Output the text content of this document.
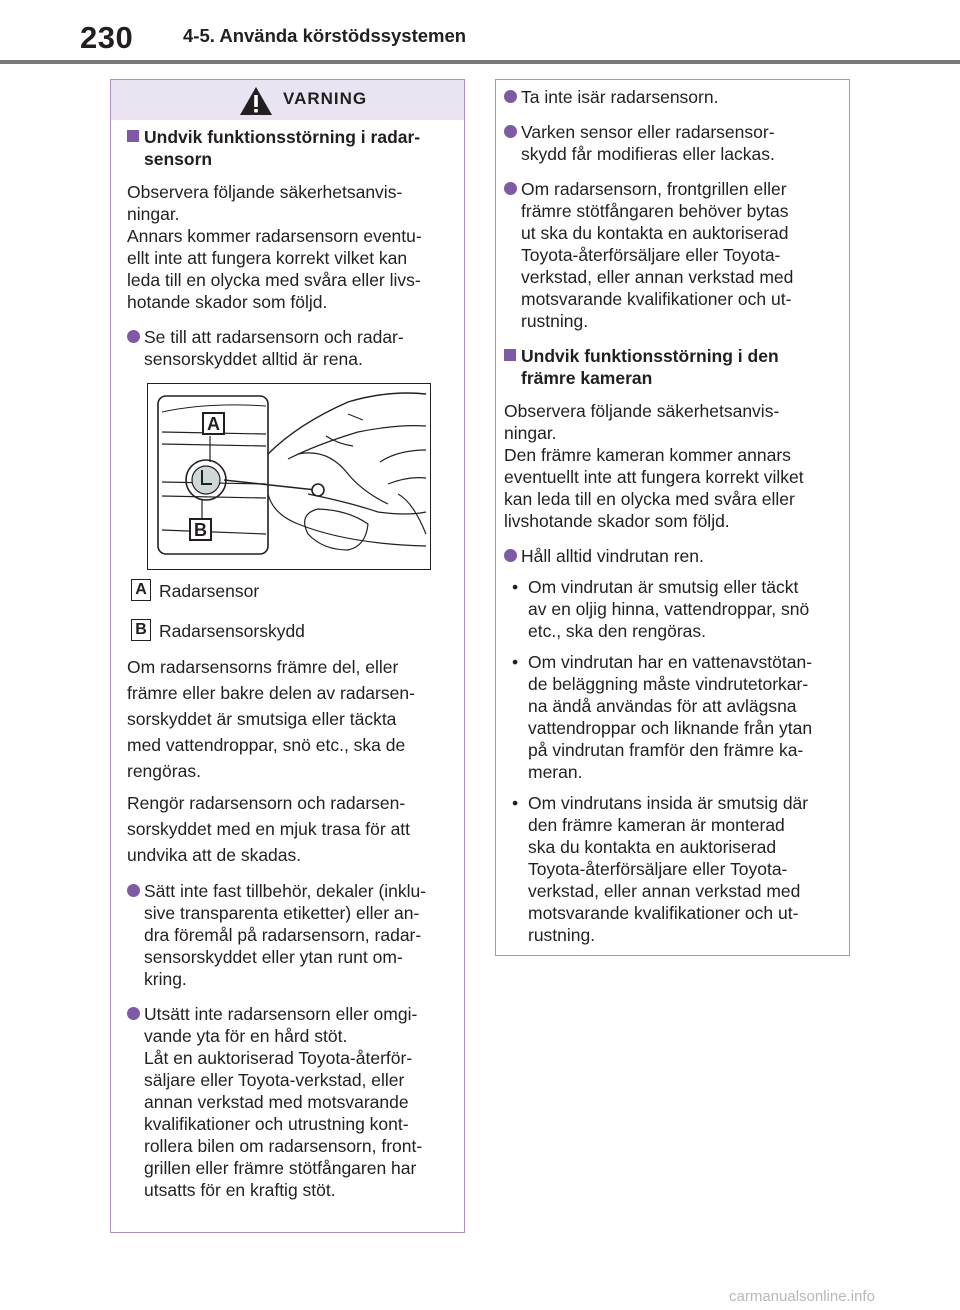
230	4-5. Använda körstödssystemen
VARNING
Undvik funktionsstörning i radar-
sensorn

Observera följande säkerhetsanvis-
ningar.
Annars kommer radarsensorn eventu-
ellt inte att fungera korrekt vilket kan
leda till en olycka med svåra eller livs-
hotande skador som följd.

Se till att radarsensorn och radar-
sensorskyddet alltid är rena.
A
B
A Radarsensor
B Radarsensorskydd

Om radarsensorns främre del, eller
främre eller bakre delen av radarsen-
sorskyddet är smutsiga eller täckta
med vattendroppar, snö etc., ska de
rengöras.

Rengör radarsensorn och radarsen-
sorskyddet med en mjuk trasa för att
undvika att de skadas.

Sätt inte fast tillbehör, dekaler (inklu-
sive transparenta etiketter) eller an-
dra föremål på radarsensorn, radar-
sensorskyddet eller ytan runt om-
kring.
Utsätt inte radarsensorn eller omgi-
vande yta för en hård stöt.
Låt en auktoriserad Toyota-återför-
säljare eller Toyota-verkstad, eller
annan verkstad med motsvarande
kvalifikationer och utrustning kont-
rollera bilen om radarsensorn, front-
grillen eller främre stötfångaren har
utsatts för en kraftig stöt.
Ta inte isär radarsensorn.
Varken sensor eller radarsensor-
skydd får modifieras eller lackas.
Om radarsensorn, frontgrillen eller
främre stötfångaren behöver bytas
ut ska du kontakta en auktoriserad
Toyota-återförsäljare eller Toyota-
verkstad, eller annan verkstad med
motsvarande kvalifikationer och ut-
rustning.
Undvik funktionsstörning i den
främre kameran

Observera följande säkerhetsanvis-
ningar.
Den främre kameran kommer annars
eventuellt inte att fungera korrekt vilket
kan leda till en olycka med svåra eller
livshotande skador som följd.

Håll alltid vindrutan ren.
• Om vindrutan är smutsig eller täckt
av en oljig hinna, vattendroppar, snö
etc., ska den rengöras.
• Om vindrutan har en vattenavstötan-
de beläggning måste vindrutetorkar-
na ändå användas för att avlägsna
vattendroppar och liknande från ytan
på vindrutan framför den främre ka-
meran.
• Om vindrutans insida är smutsig där
den främre kameran är monterad
ska du kontakta en auktoriserad
Toyota-återförsäljare eller Toyota-
verkstad, eller annan verkstad med
motsvarande kvalifikationer och ut-
rustning.
carmanualsonline.info
